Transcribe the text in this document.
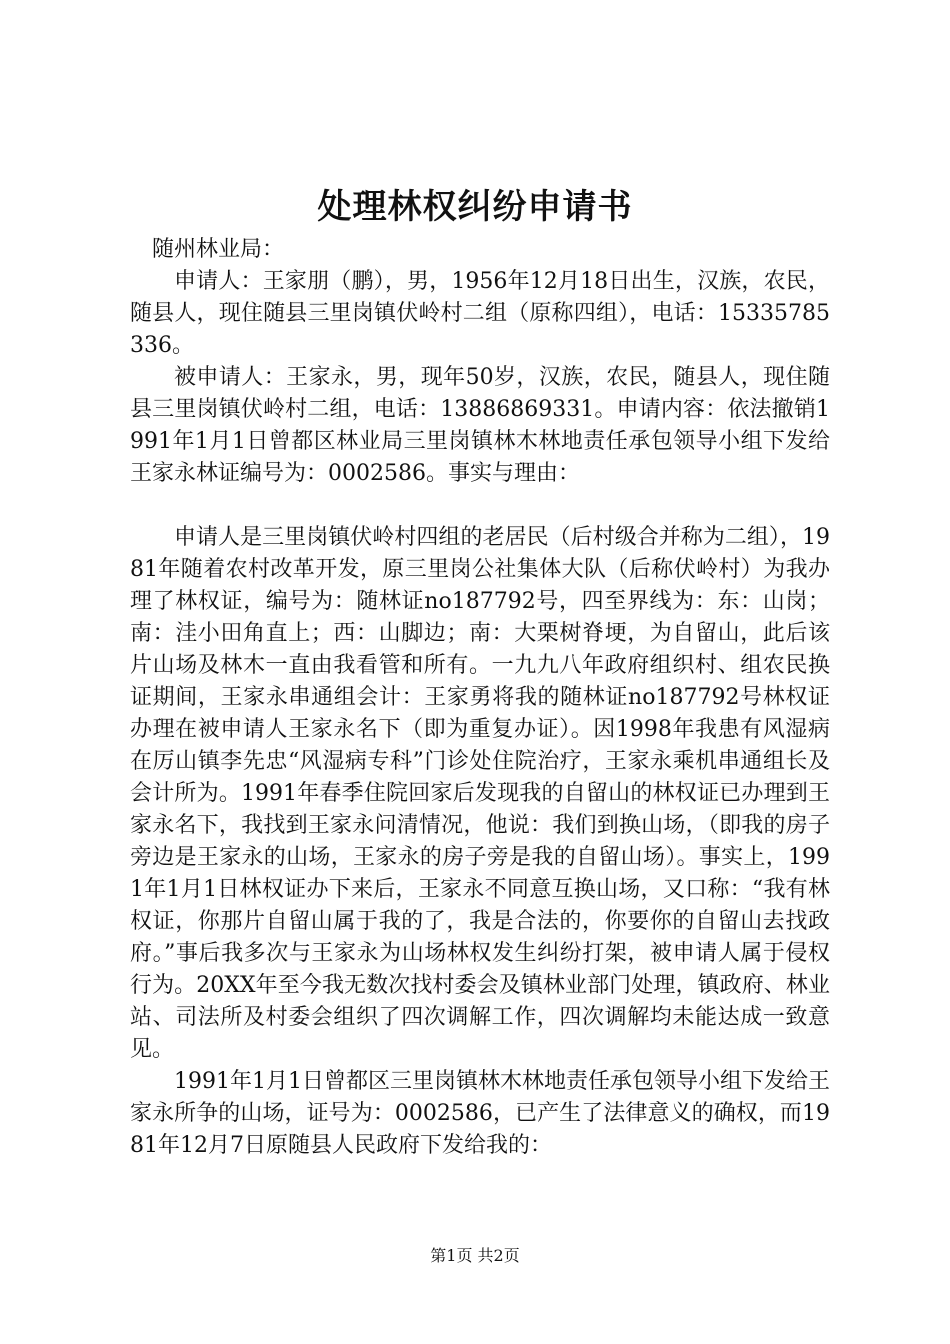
处理林权纠纷申请书

随州林业局：

申请人：王家朋（鹏），男，1956年12月18日出生，汉族，农民，随县人，现住随县三里岗镇伏岭村二组（原称四组），电话：15335785336。

被申请人：王家永，男，现年50岁，汉族，农民，随县人，现住随县三里岗镇伏岭村二组，电话：13886869331。申请内容：依法撤销1991年1月1日曾都区林业局三里岗镇林木林地责任承包领导小组下发给王家永林证编号为：0002586。事实与理由：

申请人是三里岗镇伏岭村四组的老居民（后村级合并称为二组），1981年随着农村改革开发，原三里岗公社集体大队（后称伏岭村）为我办理了林权证，编号为：随林证no187792号，四至界线为：东：山岗；南：洼小田角直上；西：山脚边；南：大栗树脊埂，为自留山，此后该片山场及林木一直由我看管和所有。一九九八年政府组织村、组农民换证期间，王家永串通组会计：王家勇将我的随林证no187792号林权证办理在被申请人王家永名下（即为重复办证）。因1998年我患有风湿病在厉山镇李先忠“风湿病专科”门诊处住院治疗，王家永乘机串通组长及会计所为。1991年春季住院回家后发现我的自留山的林权证已办理到王家永名下，我找到王家永问清情况，他说：我们到换山场，（即我的房子旁边是王家永的山场，王家永的房子旁是我的自留山场）。事实上，1991年1月1日林权证办下来后，王家永不同意互换山场，又口称：“我有林权证，你那片自留山属于我的了，我是合法的，你要你的自留山去找政府。”事后我多次与王家永为山场林权发生纠纷打架，被申请人属于侵权行为。20XX年至今我无数次找村委会及镇林业部门处理，镇政府、林业站、司法所及村委会组织了四次调解工作，四次调解均未能达成一致意见。

1991年1月1日曾都区三里岗镇林木林地责任承包领导小组下发给王家永所争的山场，证号为：0002586，已产生了法律意义的确权，而1981年12月7日原随县人民政府下发给我的：

第1页 共2页
